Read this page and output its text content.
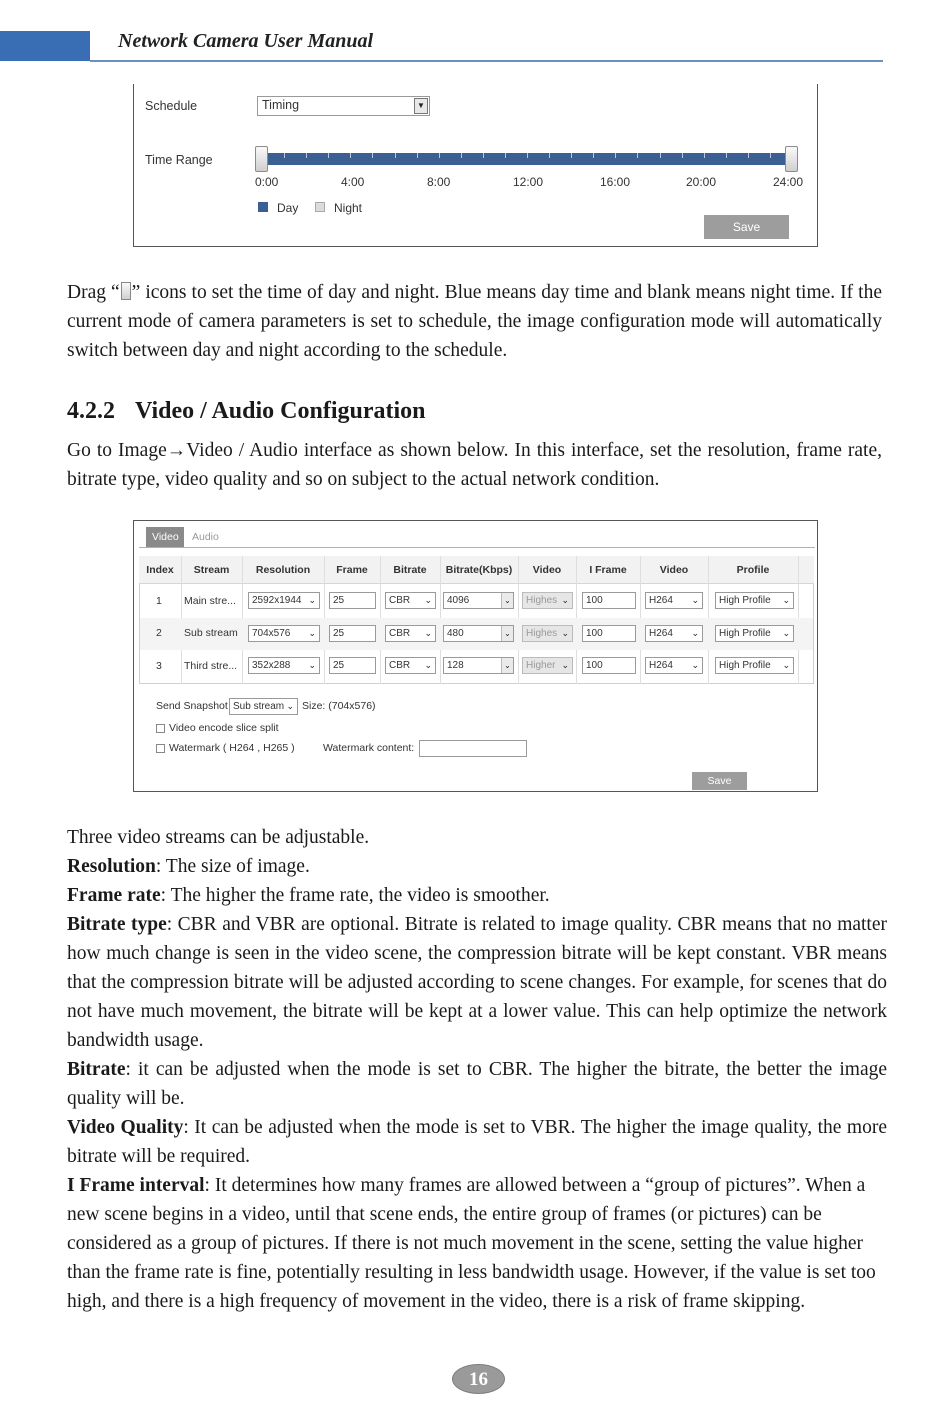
Network Camera User Manual
Schedule	Timing	▼
Time Range
0:00	4:00	8:00	12:00	16:00	20:00	24:00
Day	Night
Save
Drag “ ” icons to set the time of day and night. Blue means day time and blank means night time. If the current mode of camera parameters is set to schedule, the image configuration mode will automatically switch between day and night according to the schedule.
4.2.2 Video / Audio Configuration
Go to Image→Video / Audio interface as shown below. In this interface, set the resolution, frame rate, bitrate type, video quality and so on subject to the actual network condition.
Video	Audio
Index	Stream	Resolution	Frame	Bitrate	Bitrate(Kbps)	Video	I Frame	Video	Profile
1 Main stre...	2592x1944 ⌄	25	CBR ⌄	4096	⌄	Highes ⌄	100	H264 ⌄	High Profile ⌄
2 Sub stream	704x576 ⌄	25	CBR ⌄	480	⌄	Highes ⌄	100	H264 ⌄	High Profile ⌄
3 Third stre...	352x288 ⌄	25	CBR ⌄	128	⌄	Higher ⌄	100	H264 ⌄	High Profile ⌄
Send Snapshot Sub stream ⌄ Size: (704x576)
Video encode slice split
Watermark ( H264 , H265 )	Watermark content:
Save
Three video streams can be adjustable.

Resolution: The size of image.

Frame rate: The higher the frame rate, the video is smoother.

Bitrate type: CBR and VBR are optional. Bitrate is related to image quality. CBR means that no matter how much change is seen in the video scene, the compression bitrate will be kept constant. VBR means that the compression bitrate will be adjusted according to scene changes. For example, for scenes that do not have much movement, the bitrate will be kept at a lower value. This can help optimize the network bandwidth usage.

Bitrate: it can be adjusted when the mode is set to CBR. The higher the bitrate, the better the image quality will be.

Video Quality: It can be adjusted when the mode is set to VBR. The higher the image quality, the more bitrate will be required.

I Frame interval: It determines how many frames are allowed between a “group of pictures”. When a new scene begins in a video, until that scene ends, the entire group of frames (or pictures) can be considered as a group of pictures. If there is not much movement in the scene, setting the value higher than the frame rate is fine, potentially resulting in less bandwidth usage. However, if the value is set too high, and there is a high frequency of movement in the video, there is a risk of frame skipping.

16
